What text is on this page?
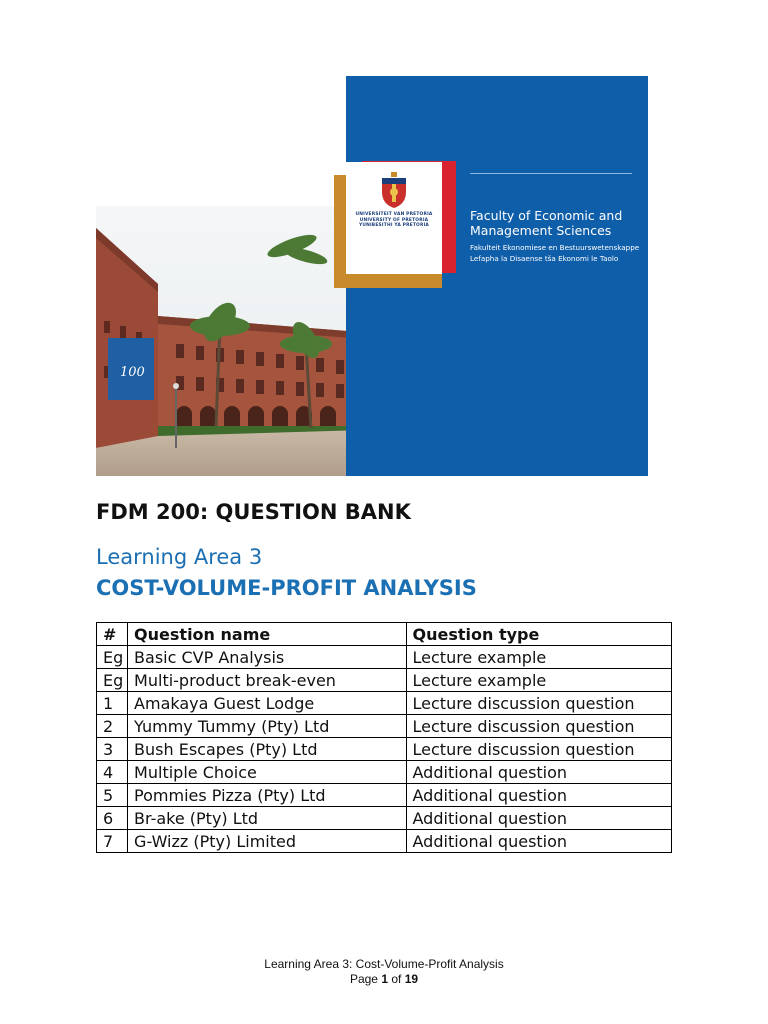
100
UNIVERSITEIT VAN PRETORIA
UNIVERSITY OF PRETORIA
YUNIBESITHI YA PRETORIA
Faculty of Economic and Management Sciences
Fakulteit Ekonomiese en Bestuurswetenskappe
Lefapha la Disaense tša Ekonomi le Taolo
FDM 200: QUESTION BANK
Learning Area 3
COST-VOLUME-PROFIT ANALYSIS
#	Question name	Question type
Eg	Basic CVP Analysis	Lecture example
Eg	Multi-product break-even	Lecture example
1	Amakaya Guest Lodge	Lecture discussion question
2	Yummy Tummy (Pty) Ltd	Lecture discussion question
3	Bush Escapes (Pty) Ltd	Lecture discussion question
4	Multiple Choice	Additional question
5	Pommies Pizza (Pty) Ltd	Additional question
6	Br-ake (Pty) Ltd	Additional question
7	G-Wizz (Pty) Limited	Additional question
Learning Area 3: Cost-Volume-Profit Analysis
Page 1 of 19
